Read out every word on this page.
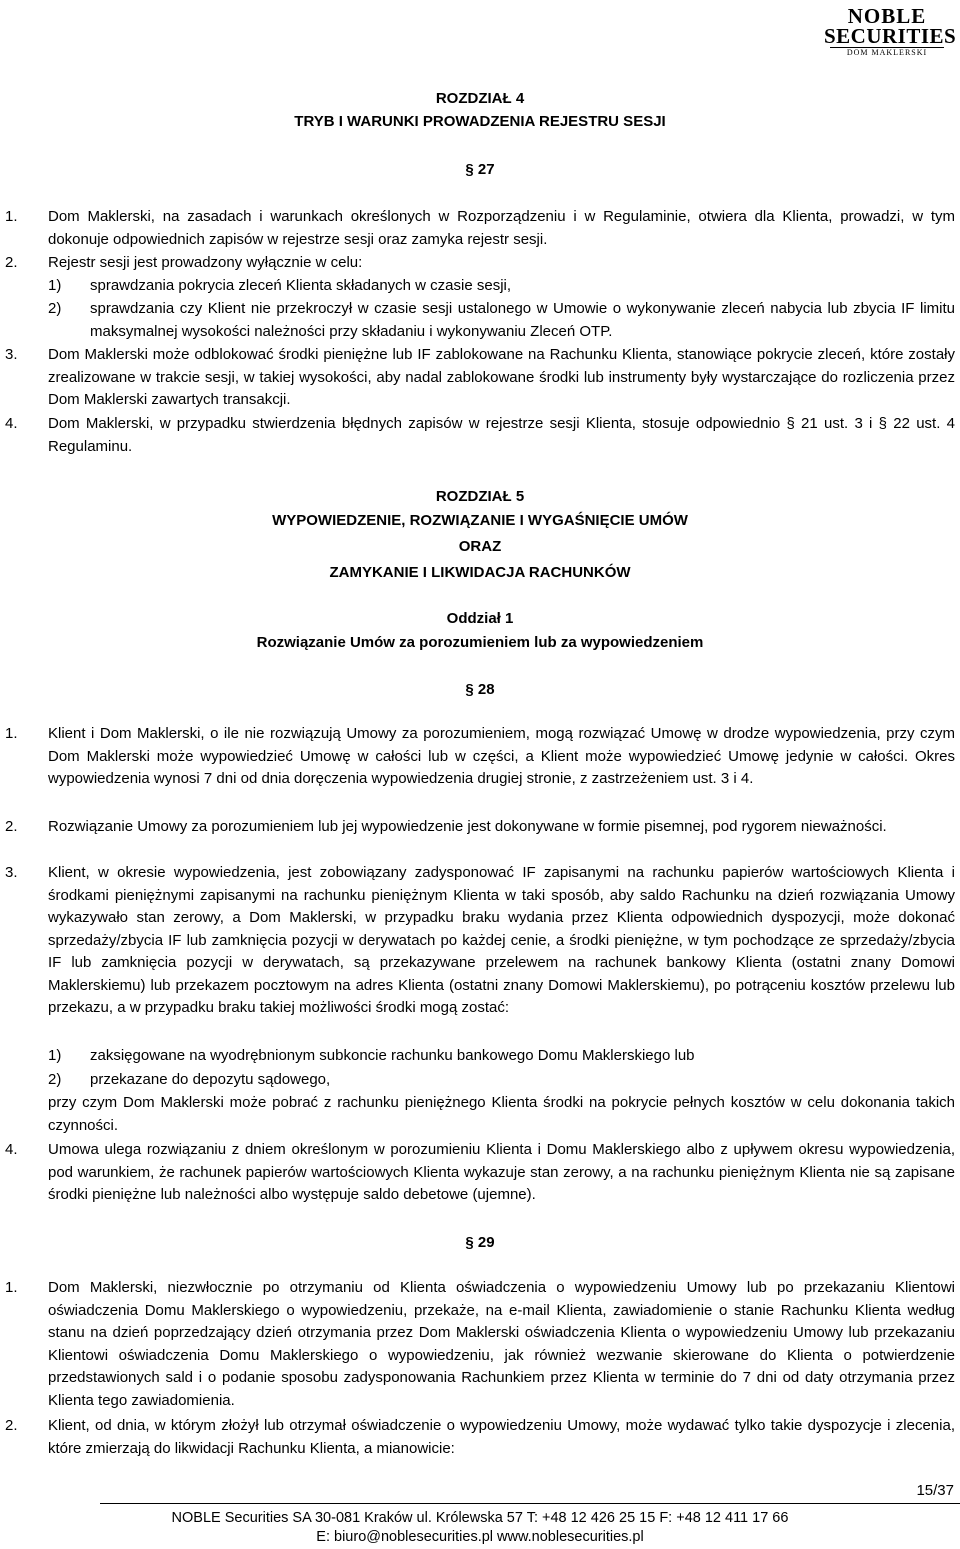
NOBLE
SECURITIES
DOM MAKLERSKI
ROZDZIAŁ 4
TRYB I WARUNKI PROWADZENIA REJESTRU SESJI
§ 27
1. Dom Maklerski, na zasadach i warunkach określonych w Rozporządzeniu i w Regulaminie, otwiera dla Klienta, prowadzi, w tym dokonuje odpowiednich zapisów w rejestrze sesji oraz zamyka rejestr sesji.
2. Rejestr sesji jest prowadzony wyłącznie w celu:
1)	sprawdzania pokrycia zleceń Klienta składanych w czasie sesji,
2)	sprawdzania czy Klient nie przekroczył w czasie sesji ustalonego w Umowie o wykonywanie zleceń nabycia lub zbycia IF limitu maksymalnej wysokości należności przy składaniu i wykonywaniu Zleceń OTP.
3. Dom Maklerski może odblokować środki pieniężne lub IF zablokowane na Rachunku Klienta, stanowiące pokrycie zleceń, które zostały zrealizowane w trakcie sesji, w takiej wysokości, aby nadal zablokowane środki lub instrumenty były wystarczające do rozliczenia przez Dom Maklerski zawartych transakcji.
4. Dom Maklerski, w przypadku stwierdzenia błędnych zapisów w rejestrze sesji Klienta, stosuje odpowiednio § 21 ust. 3 i § 22 ust. 4 Regulaminu.
ROZDZIAŁ 5
WYPOWIEDZENIE, ROZWIĄZANIE I WYGAŚNIĘCIE UMÓW
ORAZ
ZAMYKANIE I LIKWIDACJA RACHUNKÓW
Oddział 1
Rozwiązanie Umów za porozumieniem lub za wypowiedzeniem
§ 28
1. Klient i Dom Maklerski, o ile nie rozwiązują Umowy za porozumieniem, mogą rozwiązać Umowę w drodze wypowiedzenia, przy czym Dom Maklerski może wypowiedzieć Umowę w całości lub w części, a Klient może wypowiedzieć Umowę jedynie w całości. Okres wypowiedzenia wynosi 7 dni od dnia doręczenia wypowiedzenia drugiej stronie, z zastrzeżeniem ust. 3 i 4.
2. Rozwiązanie Umowy za porozumieniem lub jej wypowiedzenie jest dokonywane w formie pisemnej, pod rygorem nieważności.
3. Klient, w okresie wypowiedzenia, jest zobowiązany zadysponować IF zapisanymi na rachunku papierów wartościowych Klienta i środkami pieniężnymi zapisanymi na rachunku pieniężnym Klienta w taki sposób, aby saldo Rachunku na dzień rozwiązania Umowy wykazywało stan zerowy, a Dom Maklerski, w przypadku braku wydania przez Klienta odpowiednich dyspozycji, może dokonać sprzedaży/zbycia IF lub zamknięcia pozycji w derywatach po każdej cenie, a środki pieniężne, w tym pochodzące ze sprzedaży/zbycia IF lub zamknięcia pozycji w derywatach, są przekazywane przelewem na rachunek bankowy Klienta (ostatni znany Domowi Maklerskiemu) lub przekazem pocztowym na adres Klienta (ostatni znany Domowi Maklerskiemu), po potrąceniu kosztów przelewu lub przekazu, a w przypadku braku takiej możliwości środki mogą zostać:
1)	zaksięgowane na wyodrębnionym subkoncie rachunku bankowego Domu Maklerskiego lub
2)	przekazane do depozytu sądowego,
przy czym Dom Maklerski może pobrać z rachunku pieniężnego Klienta środki na pokrycie pełnych kosztów w celu dokonania takich czynności.
4. Umowa ulega rozwiązaniu z dniem określonym w porozumieniu Klienta i Domu Maklerskiego albo z upływem okresu wypowiedzenia, pod warunkiem, że rachunek papierów wartościowych Klienta wykazuje stan zerowy, a na rachunku pieniężnym Klienta nie są zapisane środki pieniężne lub należności albo występuje saldo debetowe (ujemne).
§ 29
1. Dom Maklerski, niezwłocznie po otrzymaniu od Klienta oświadczenia o wypowiedzeniu Umowy lub po przekazaniu Klientowi oświadczenia Domu Maklerskiego o wypowiedzeniu, przekaże, na e-mail Klienta, zawiadomienie o stanie Rachunku Klienta według stanu na dzień poprzedzający dzień otrzymania przez Dom Maklerski oświadczenia Klienta o wypowiedzeniu Umowy lub przekazaniu Klientowi oświadczenia Domu Maklerskiego o wypowiedzeniu, jak również wezwanie skierowane do Klienta o potwierdzenie przedstawionych sald i o podanie sposobu zadysponowania Rachunkiem przez Klienta w terminie do 7 dni od daty otrzymania przez Klienta tego zawiadomienia.
2. Klient, od dnia, w którym złożył lub otrzymał oświadczenie o wypowiedzeniu Umowy, może wydawać tylko takie dyspozycje i zlecenia, które zmierzają do likwidacji Rachunku Klienta, a mianowicie:
15/37
NOBLE Securities SA 30-081 Kraków ul. Królewska 57 T: +48 12 426 25 15 F: +48 12 411 17 66
E: biuro@noblesecurities.pl www.noblesecurities.pl
